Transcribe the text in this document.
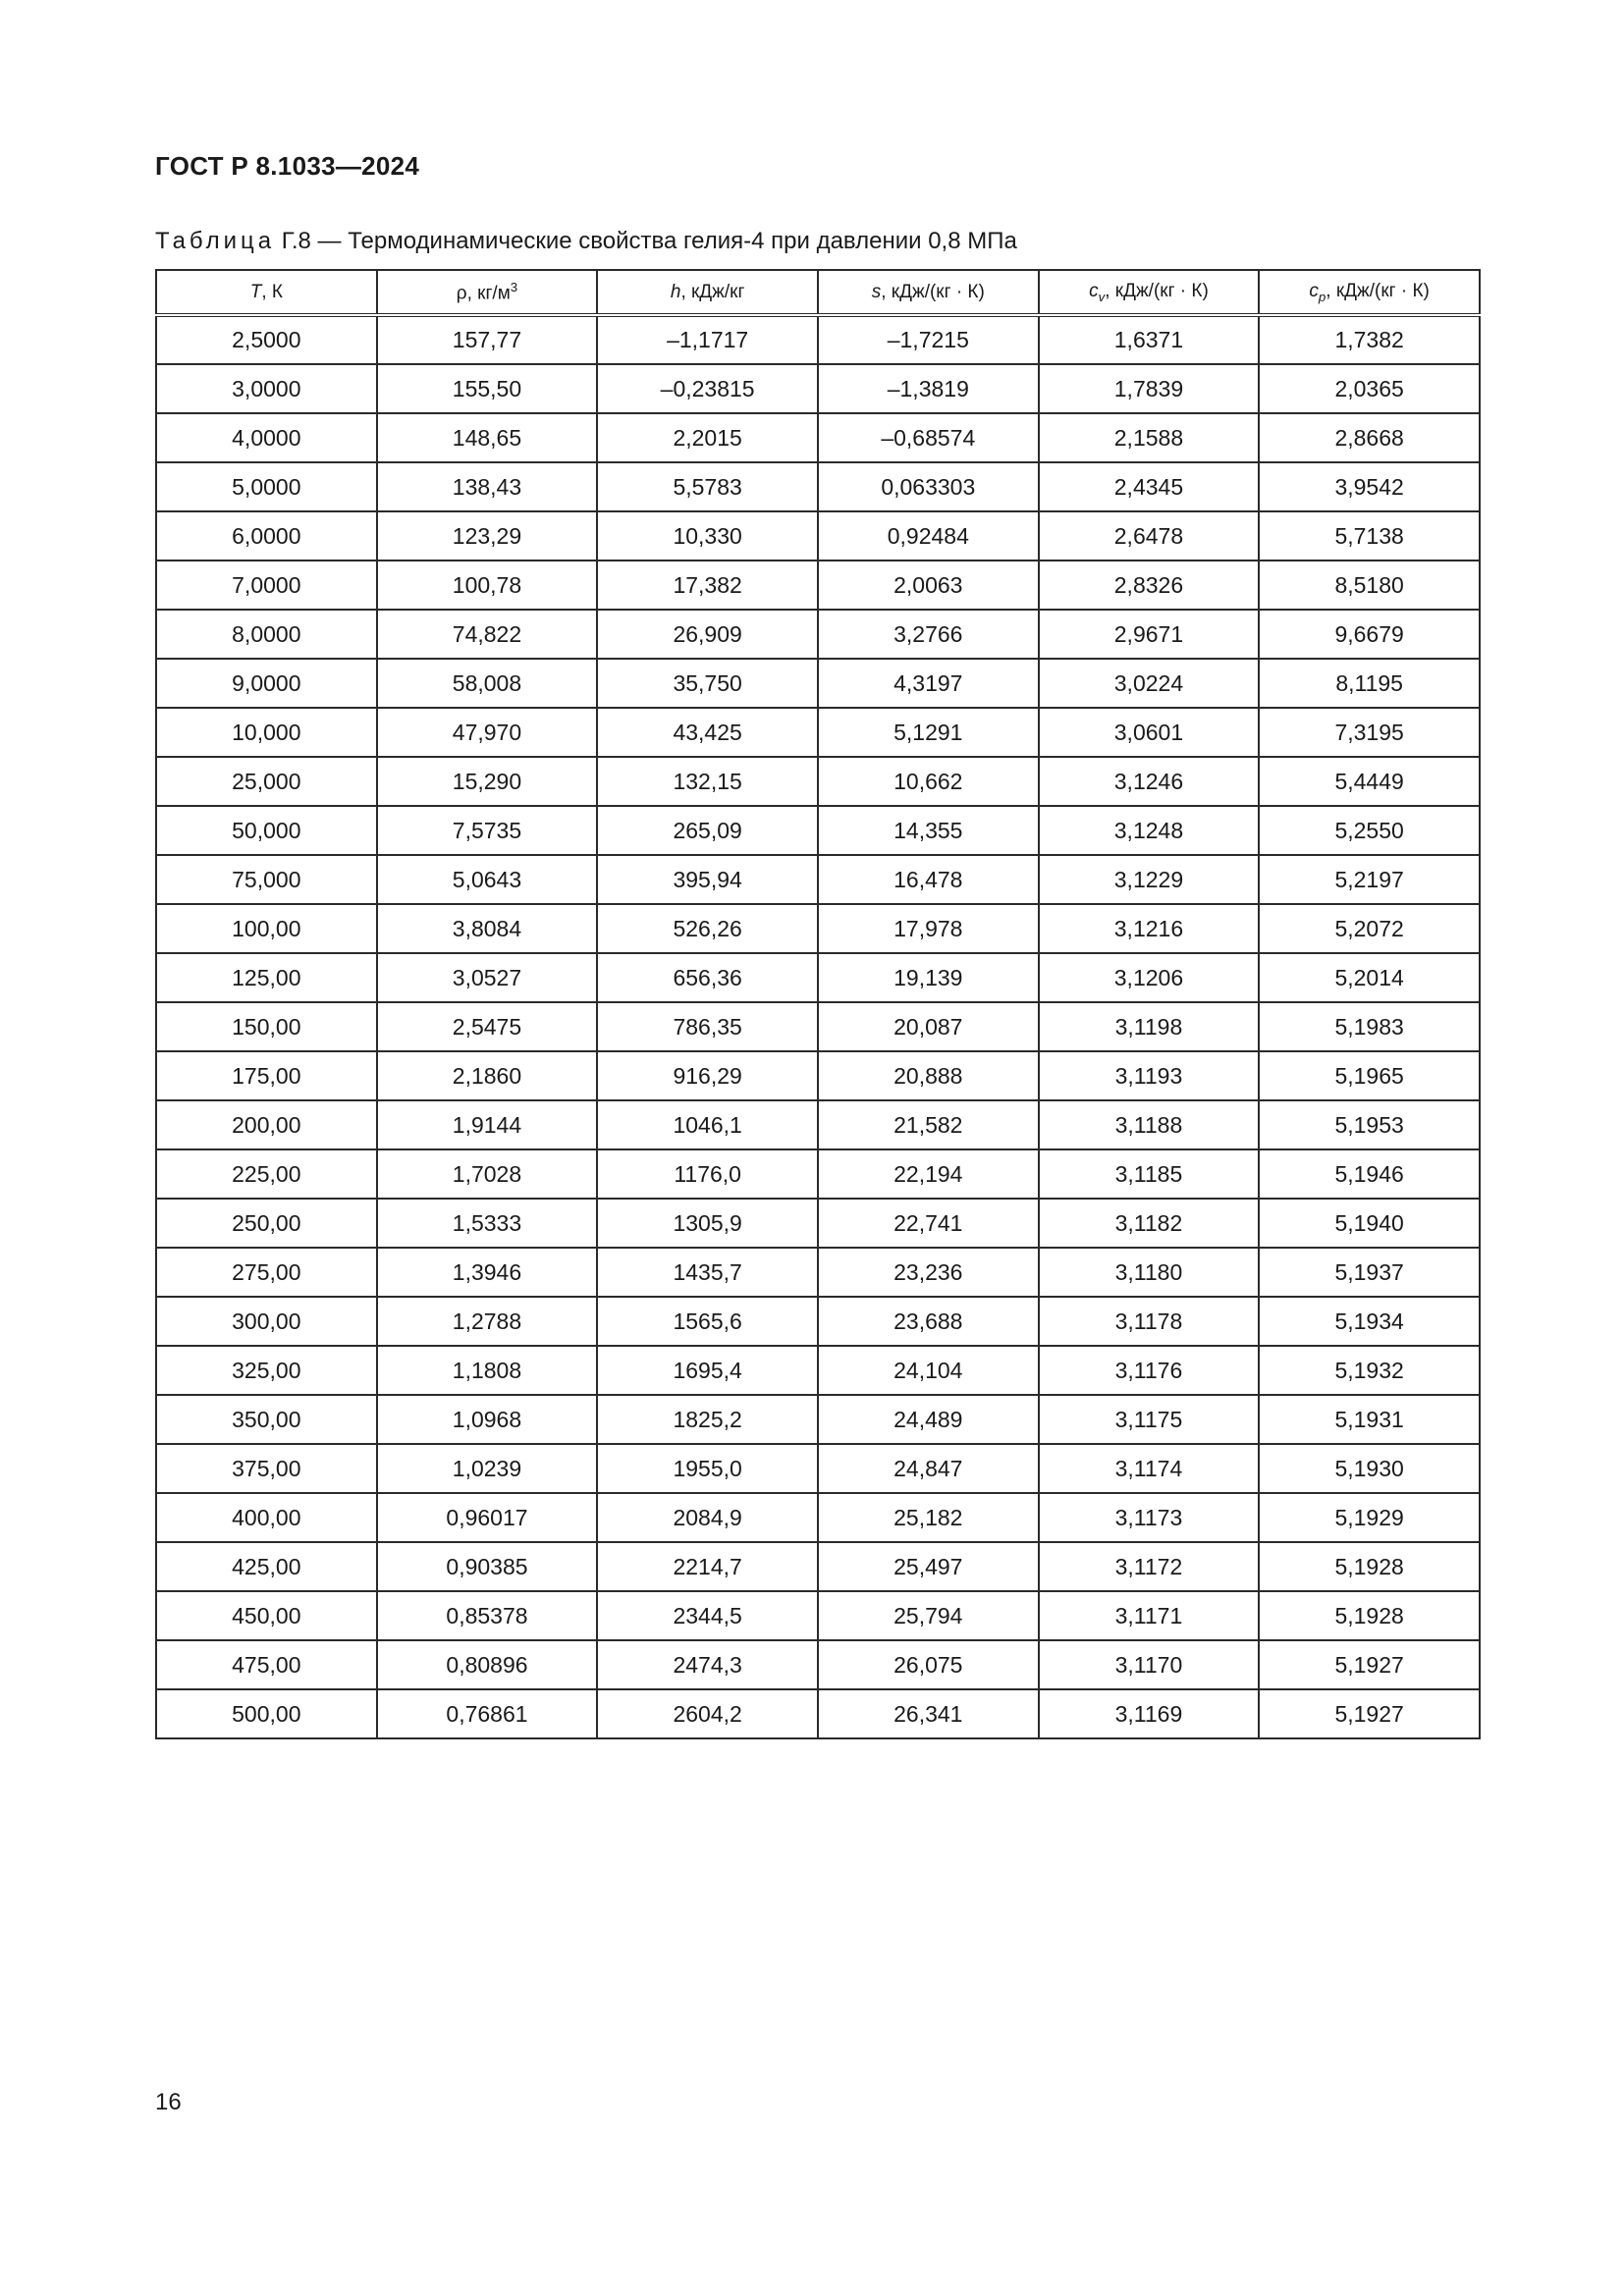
ГОСТ Р 8.1033—2024
Таблица Г.8 — Термодинамические свойства гелия-4 при давлении 0,8 МПа
T, К	ρ, $кг/м^3$	h, кДж/кг	s, кДж/(кг · К)	$c_v$, кДж/(кг · К)	$c_p$, кДж/(кг · К)
2,5000	157,77	–1,1717	–1,7215	1,6371	1,7382
3,0000	155,50	–0,23815	–1,3819	1,7839	2,0365
4,0000	148,65	2,2015	–0,68574	2,1588	2,8668
5,0000	138,43	5,5783	0,063303	2,4345	3,9542
6,0000	123,29	10,330	0,92484	2,6478	5,7138
7,0000	100,78	17,382	2,0063	2,8326	8,5180
8,0000	74,822	26,909	3,2766	2,9671	9,6679
9,0000	58,008	35,750	4,3197	3,0224	8,1195
10,000	47,970	43,425	5,1291	3,0601	7,3195
25,000	15,290	132,15	10,662	3,1246	5,4449
50,000	7,5735	265,09	14,355	3,1248	5,2550
75,000	5,0643	395,94	16,478	3,1229	5,2197
100,00	3,8084	526,26	17,978	3,1216	5,2072
125,00	3,0527	656,36	19,139	3,1206	5,2014
150,00	2,5475	786,35	20,087	3,1198	5,1983
175,00	2,1860	916,29	20,888	3,1193	5,1965
200,00	1,9144	1046,1	21,582	3,1188	5,1953
225,00	1,7028	1176,0	22,194	3,1185	5,1946
250,00	1,5333	1305,9	22,741	3,1182	5,1940
275,00	1,3946	1435,7	23,236	3,1180	5,1937
300,00	1,2788	1565,6	23,688	3,1178	5,1934
325,00	1,1808	1695,4	24,104	3,1176	5,1932
350,00	1,0968	1825,2	24,489	3,1175	5,1931
375,00	1,0239	1955,0	24,847	3,1174	5,1930
400,00	0,96017	2084,9	25,182	3,1173	5,1929
425,00	0,90385	2214,7	25,497	3,1172	5,1928
450,00	0,85378	2344,5	25,794	3,1171	5,1928
475,00	0,80896	2474,3	26,075	3,1170	5,1927
500,00	0,76861	2604,2	26,341	3,1169	5,1927
16
